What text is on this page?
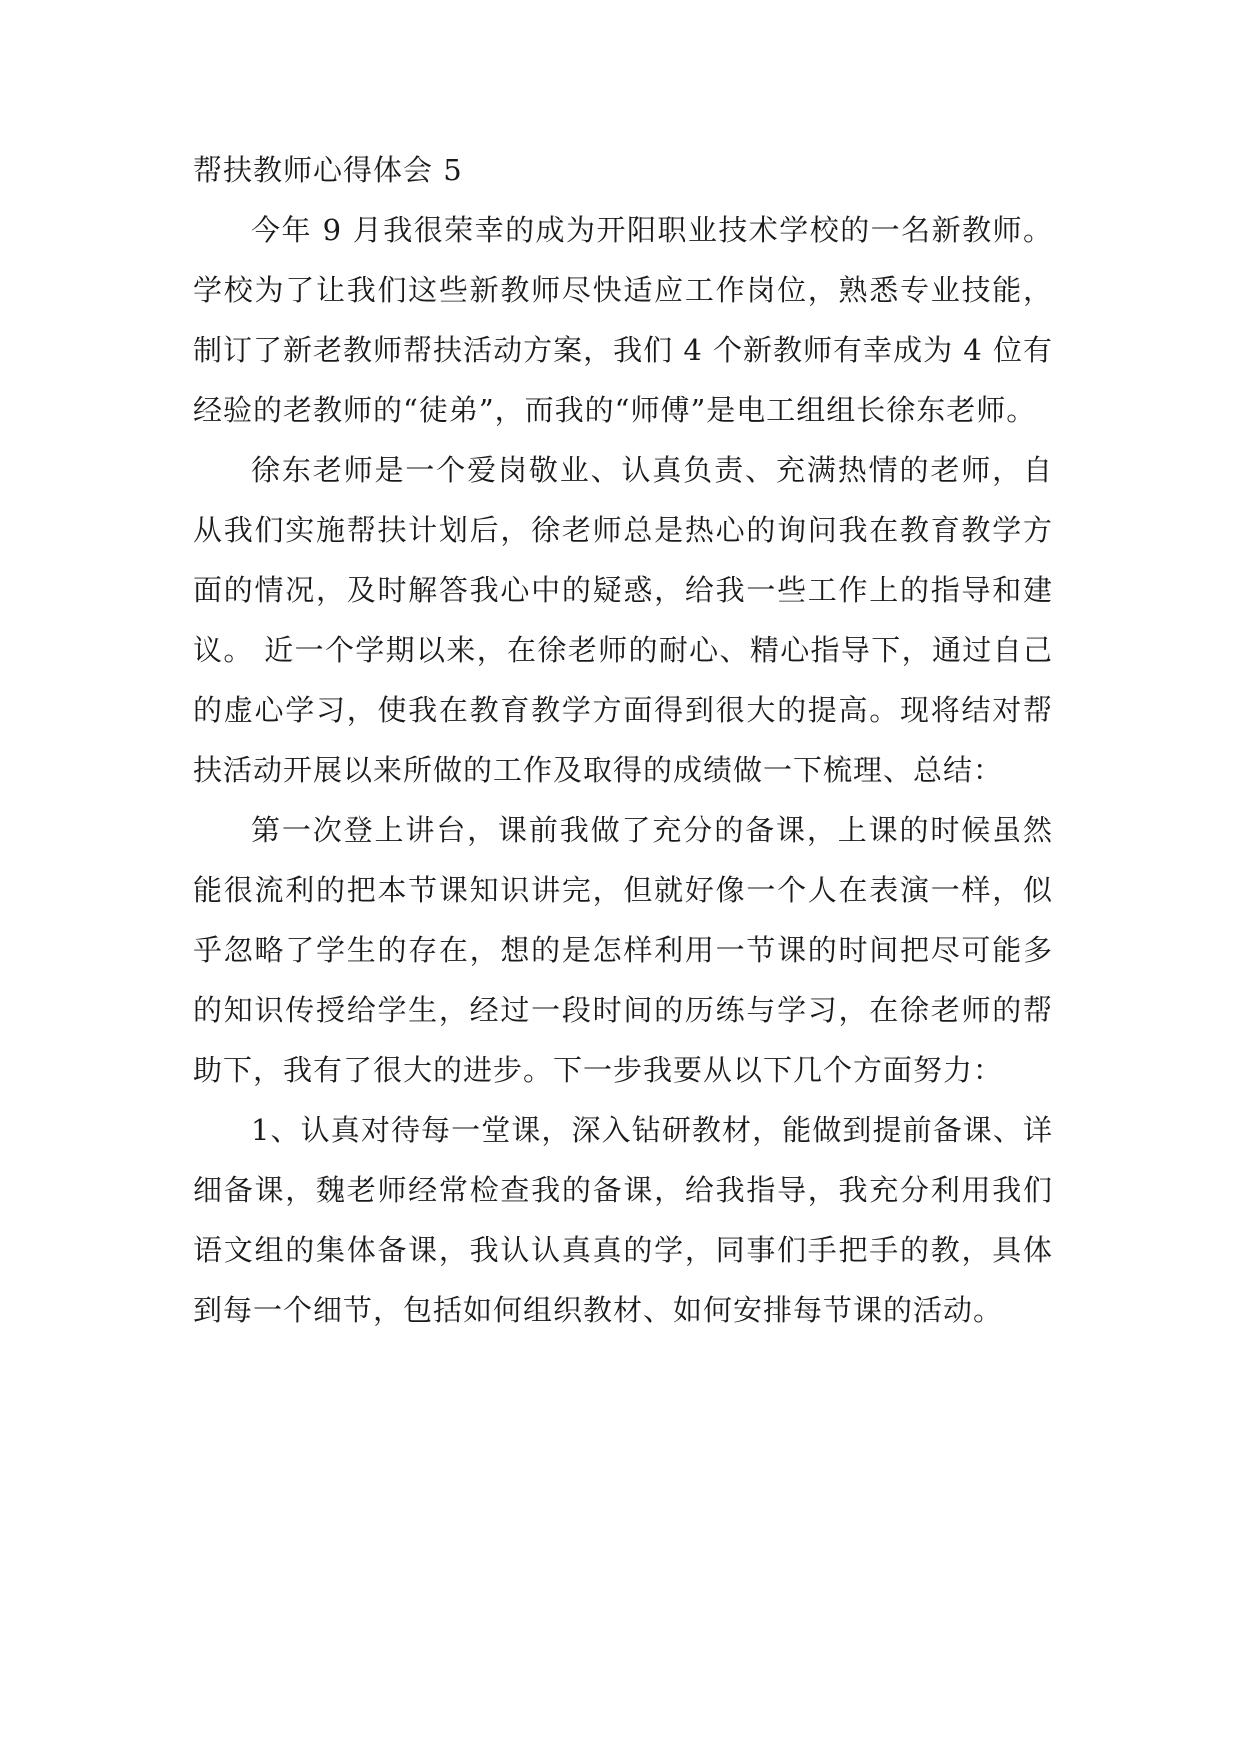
帮扶教师心得体会 5

今年 9 月我很荣幸的成为开阳职业技术学校的一名新教师。学校为了让我们这些新教师尽快适应工作岗位，熟悉专业技能，制订了新老教师帮扶活动方案，我们 4 个新教师有幸成为 4 位有经验的老教师的“徒弟”，而我的“师傅”是电工组组长徐东老师。

徐东老师是一个爱岗敬业、认真负责、充满热情的老师，自从我们实施帮扶计划后，徐老师总是热心的询问我在教育教学方面的情况，及时解答我心中的疑惑，给我一些工作上的指导和建议。 近一个学期以来，在徐老师的耐心、精心指导下，通过自己的虚心学习，使我在教育教学方面得到很大的提高。现将结对帮扶活动开展以来所做的工作及取得的成绩做一下梳理、总结：

第一次登上讲台，课前我做了充分的备课，上课的时候虽然能很流利的把本节课知识讲完，但就好像一个人在表演一样，似乎忽略了学生的存在，想的是怎样利用一节课的时间把尽可能多的知识传授给学生，经过一段时间的历练与学习，在徐老师的帮助下，我有了很大的进步。下一步我要从以下几个方面努力：

1、认真对待每一堂课，深入钻研教材，能做到提前备课、详细备课，魏老师经常检查我的备课，给我指导，我充分利用我们语文组的集体备课，我认认真真的学，同事们手把手的教，具体到每一个细节，包括如何组织教材、如何安排每节课的活动。
